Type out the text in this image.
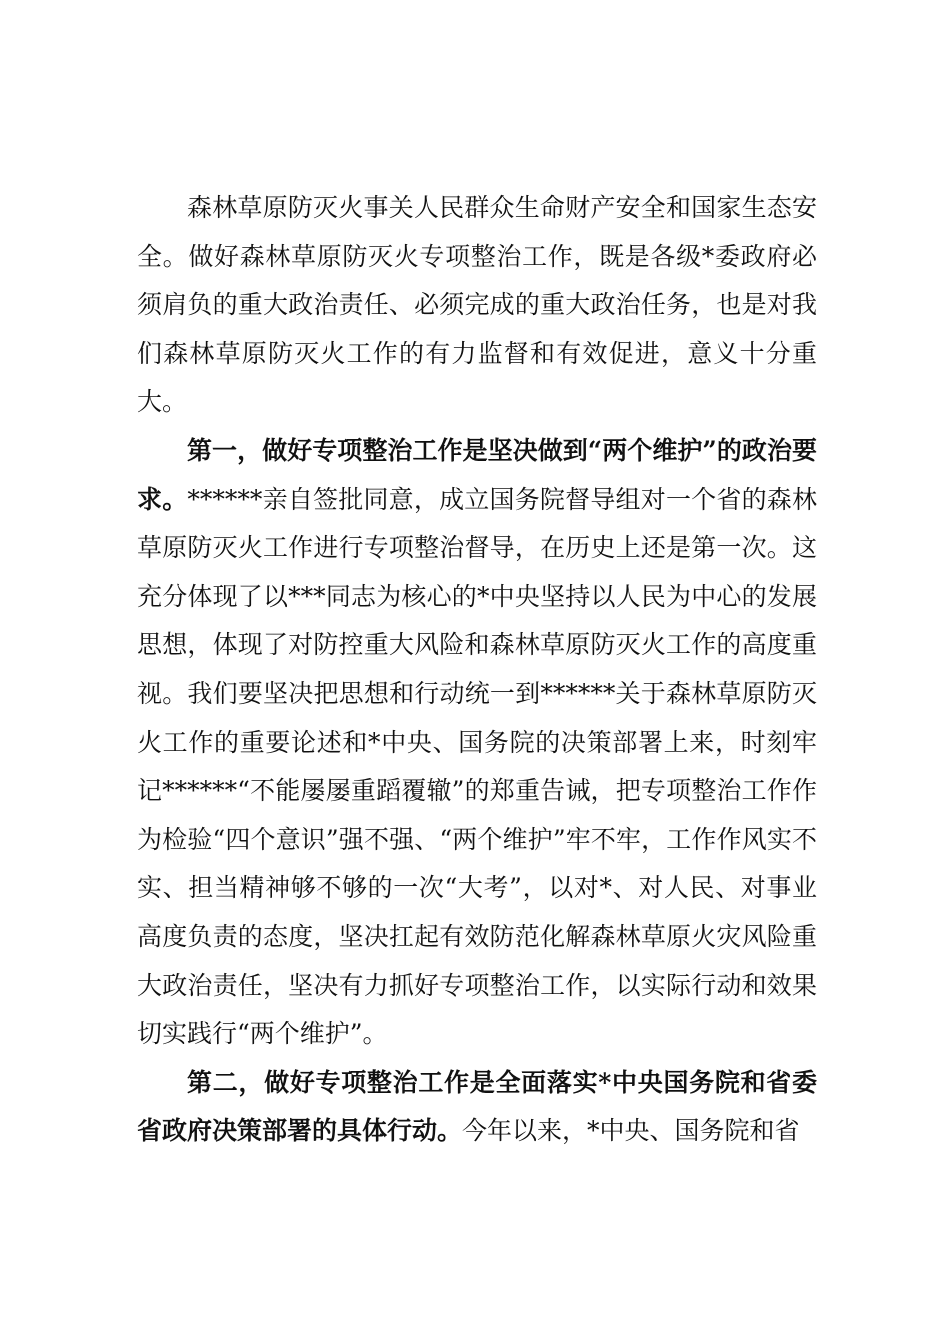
森林草原防灭火事关人民群众生命财产安全和国家生态安全。做好森林草原防灭火专项整治工作，既是各级*委政府必须肩负的重大政治责任、必须完成的重大政治任务，也是对我们森林草原防灭火工作的有力监督和有效促进，意义十分重大。

第一，做好专项整治工作是坚决做到“两个维护”的政治要求。******亲自签批同意，成立国务院督导组对一个省的森林草原防灭火工作进行专项整治督导，在历史上还是第一次。这充分体现了以***同志为核心的*中央坚持以人民为中心的发展思想，体现了对防控重大风险和森林草原防灭火工作的高度重视。我们要坚决把思想和行动统一到******关于森林草原防灭火工作的重要论述和*中央、国务院的决策部署上来，时刻牢记******“不能屡屡重蹈覆辙”的郑重告诫，把专项整治工作作为检验“四个意识”强不强、“两个维护”牢不牢，工作作风实不实、担当精神够不够的一次“大考”，以对*、对人民、对事业高度负责的态度，坚决扛起有效防范化解森林草原火灾风险重大政治责任，坚决有力抓好专项整治工作，以实际行动和效果切实践行“两个维护”。

第二，做好专项整治工作是全面落实*中央国务院和省委省政府决策部署的具体行动。今年以来，*中央、国务院和省
